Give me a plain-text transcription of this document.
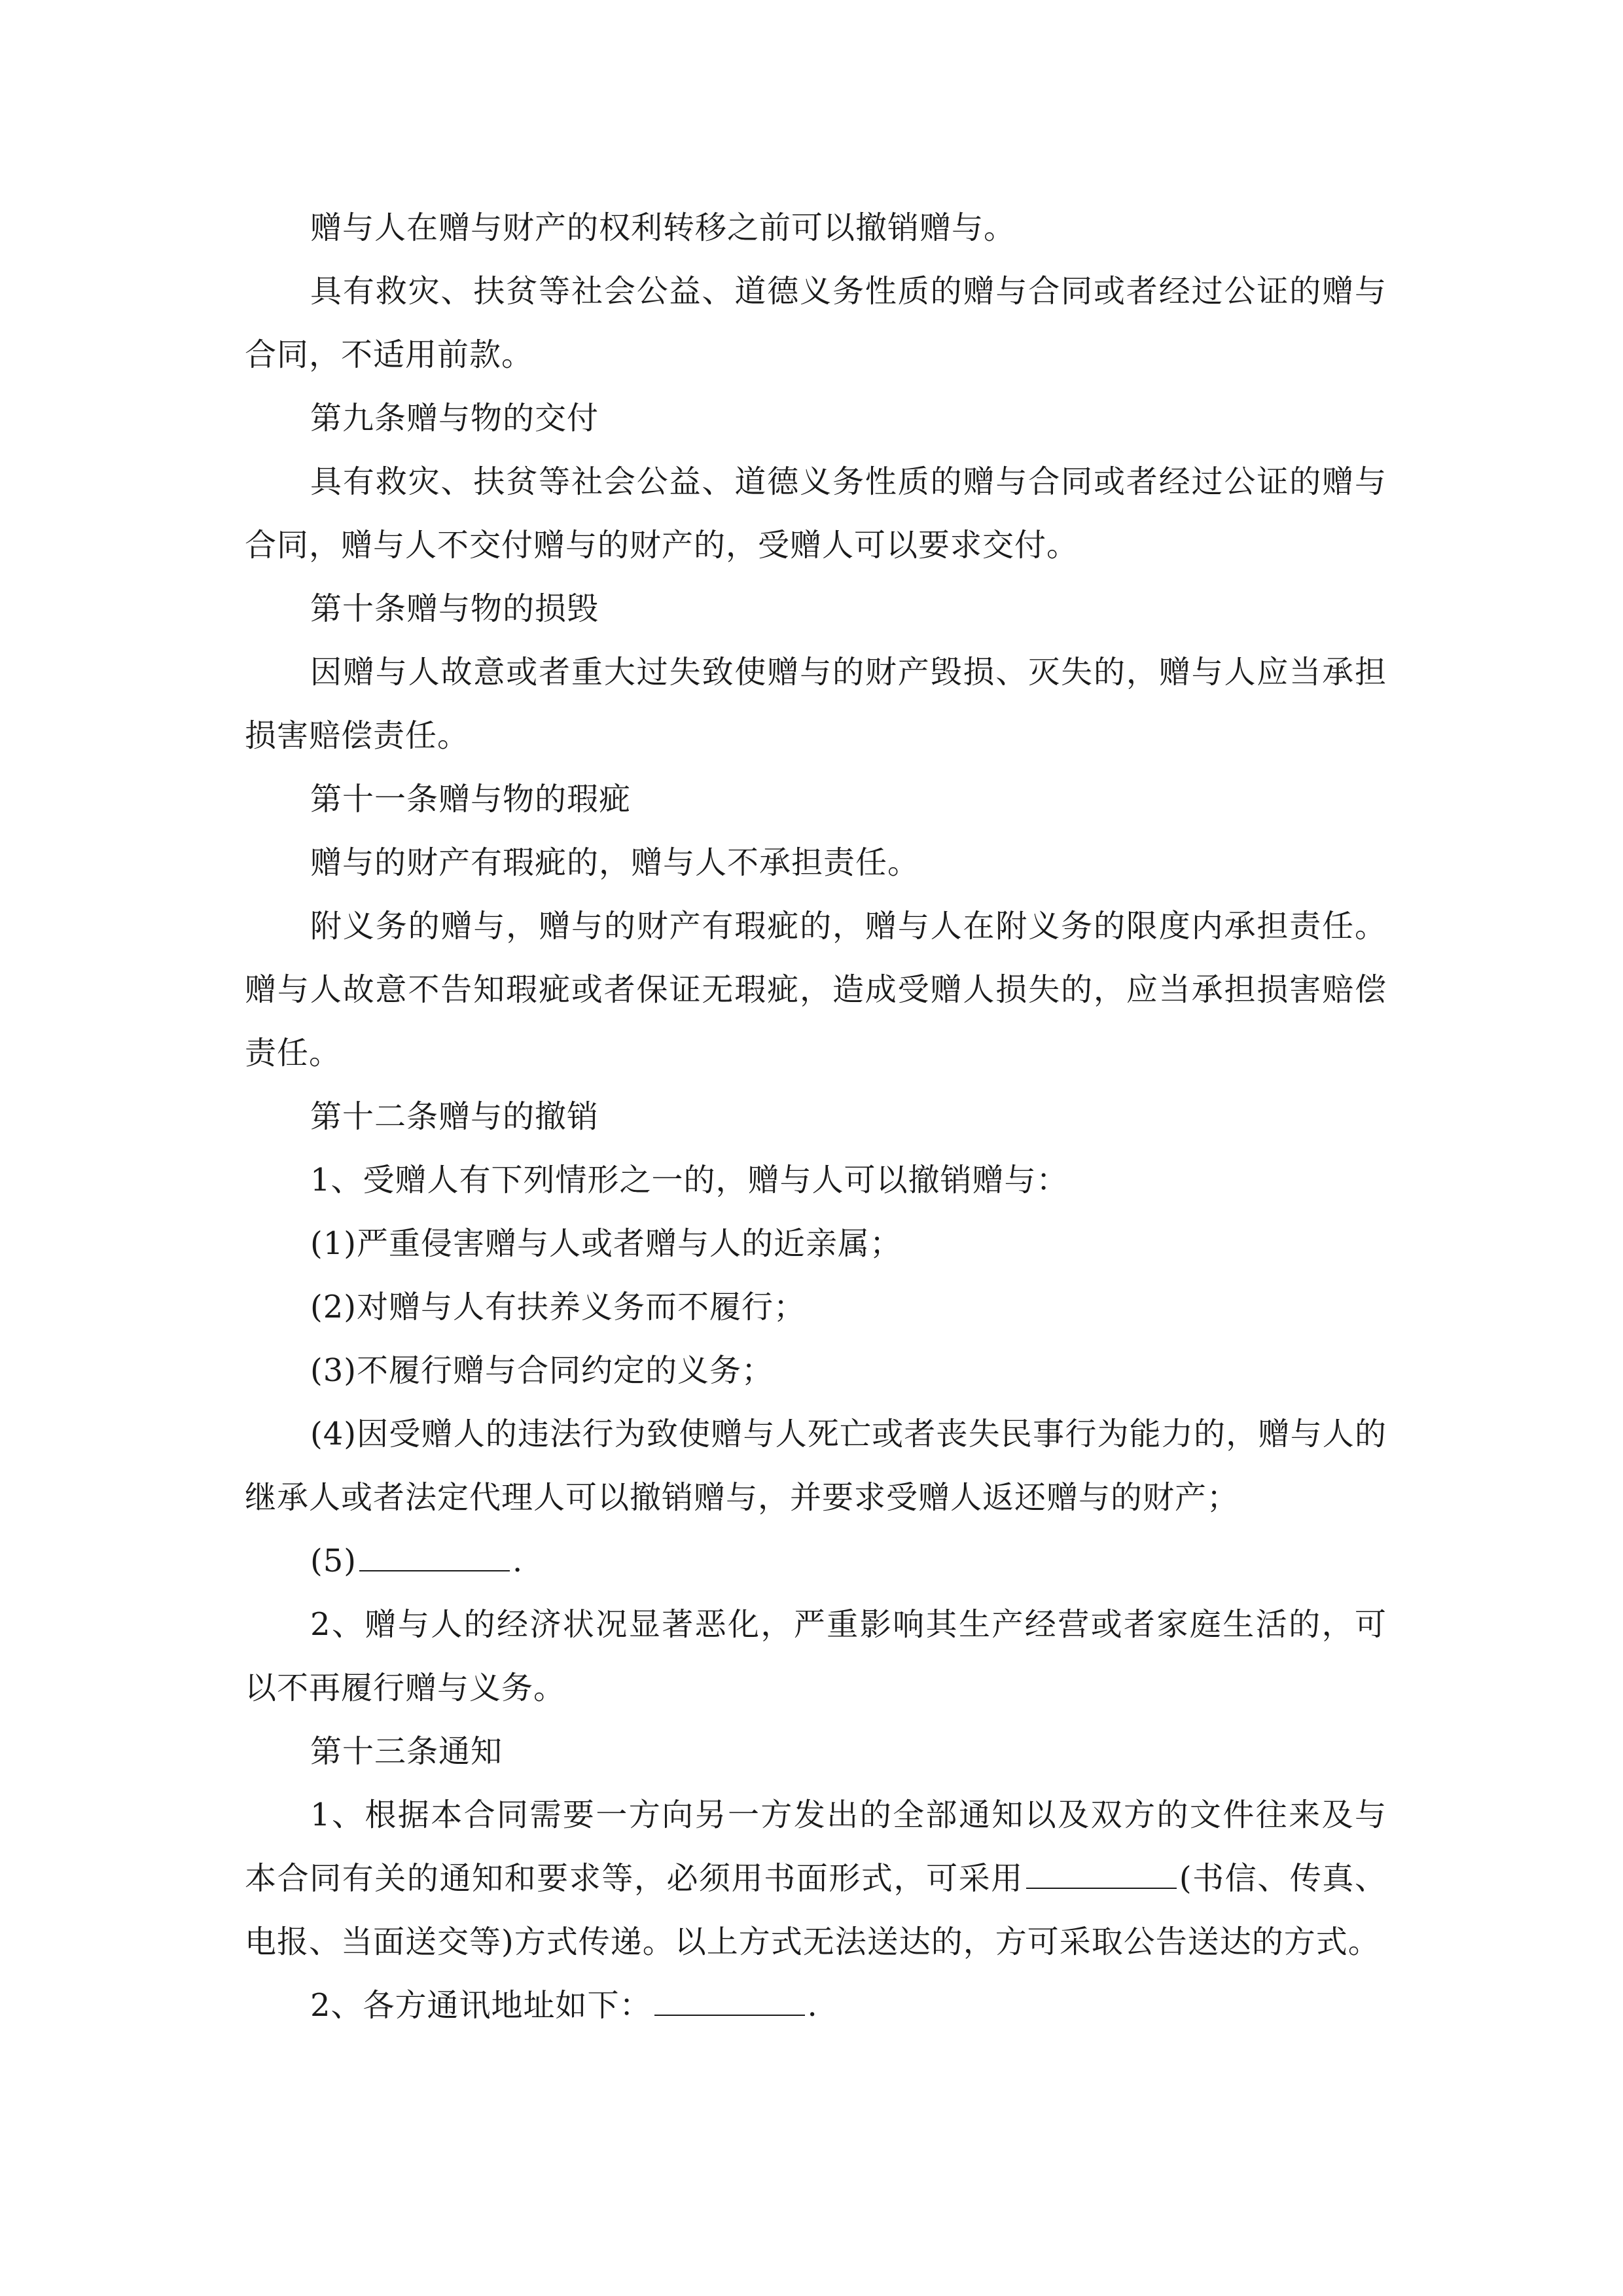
赠与人在赠与财产的权利转移之前可以撤销赠与。

具有救灾、扶贫等社会公益、道德义务性质的赠与合同或者经过公证的赠与合同，不适用前款。

第九条赠与物的交付

具有救灾、扶贫等社会公益、道德义务性质的赠与合同或者经过公证的赠与合同，赠与人不交付赠与的财产的，受赠人可以要求交付。

第十条赠与物的损毁

因赠与人故意或者重大过失致使赠与的财产毁损、灭失的，赠与人应当承担损害赔偿责任。

第十一条赠与物的瑕疵

赠与的财产有瑕疵的，赠与人不承担责任。

附义务的赠与，赠与的财产有瑕疵的，赠与人在附义务的限度内承担责任。赠与人故意不告知瑕疵或者保证无瑕疵，造成受赠人损失的，应当承担损害赔偿责任。

第十二条赠与的撤销

1、受赠人有下列情形之一的，赠与人可以撤销赠与：

(1)严重侵害赠与人或者赠与人的近亲属；

(2)对赠与人有扶养义务而不履行；

(3)不履行赠与合同约定的义务；

(4)因受赠人的违法行为致使赠与人死亡或者丧失民事行为能力的，赠与人的继承人或者法定代理人可以撤销赠与，并要求受赠人返还赠与的财产；

(5)	.

2、赠与人的经济状况显著恶化，严重影响其生产经营或者家庭生活的，可以不再履行赠与义务。

第十三条通知

1、根据本合同需要一方向另一方发出的全部通知以及双方的文件往来及与本合同有关的通知和要求等，必须用书面形式，可采用	(书信、传真、电报、当面送交等)方式传递。以上方式无法送达的，方可采取公告送达的方式。

2、各方通讯地址如下：	.
